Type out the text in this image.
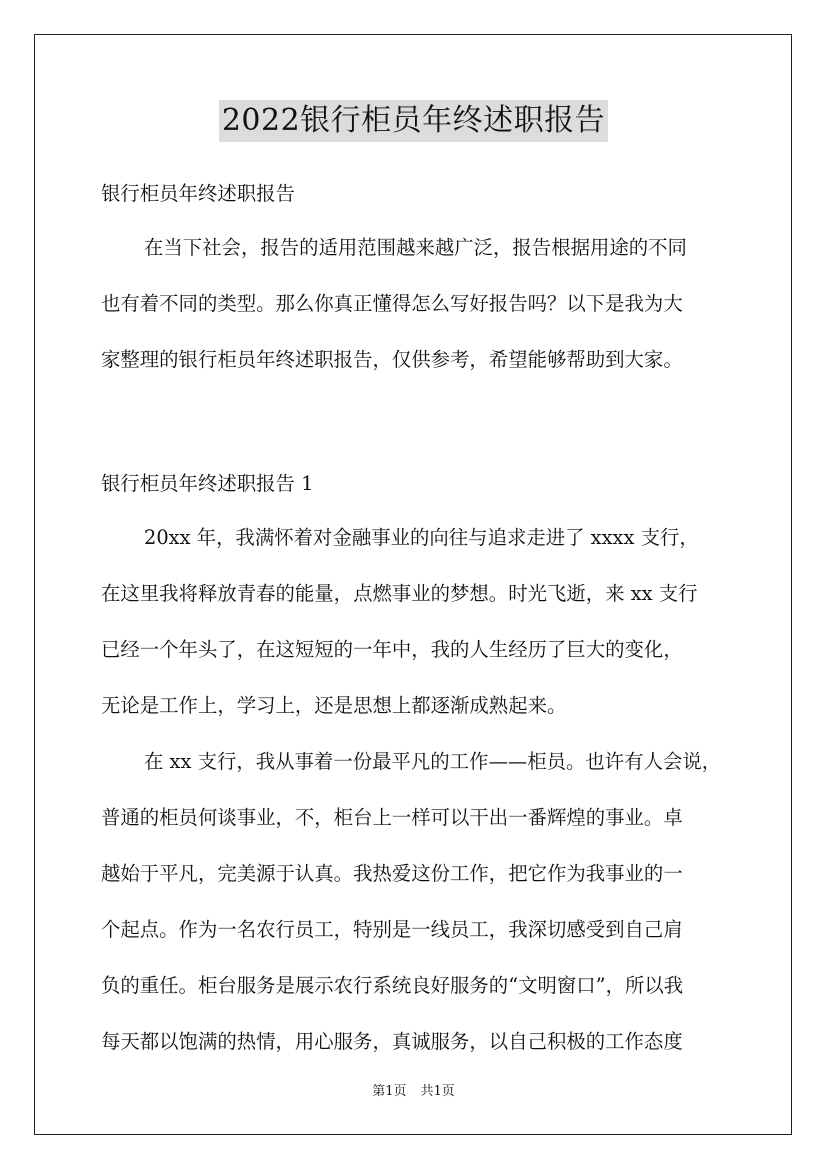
2022银行柜员年终述职报告
银行柜员年终述职报告
在当下社会，报告的适用范围越来越广泛，报告根据用途的不同
也有着不同的类型。那么你真正懂得怎么写好报告吗？以下是我为大
家整理的银行柜员年终述职报告，仅供参考，希望能够帮助到大家。
银行柜员年终述职报告 1
20xx 年，我满怀着对金融事业的向往与追求走进了 xxxx 支行，
在这里我将释放青春的能量，点燃事业的梦想。时光飞逝，来 xx 支行
已经一个年头了，在这短短的一年中，我的人生经历了巨大的变化，
无论是工作上，学习上，还是思想上都逐渐成熟起来。
在 xx 支行，我从事着一份最平凡的工作——柜员。也许有人会说，
普通的柜员何谈事业，不，柜台上一样可以干出一番辉煌的事业。卓
越始于平凡，完美源于认真。我热爱这份工作，把它作为我事业的一
个起点。作为一名农行员工，特别是一线员工，我深切感受到自己肩
负的重任。柜台服务是展示农行系统良好服务的“文明窗口”，所以我
每天都以饱满的热情，用心服务，真诚服务，以自己积极的工作态度
第1页 共1页
